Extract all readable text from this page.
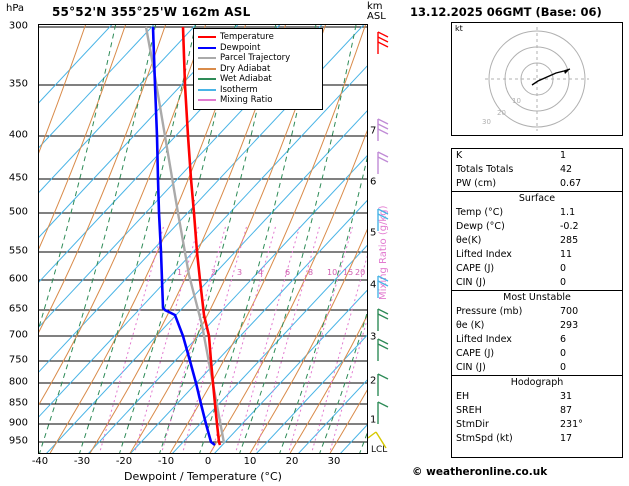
hPa 55°52'N 355°25'W 162m ASL	km
ASL
300
350
400
450
500
550
600
650
700
750
800
850
900
950
-40	-30	-20	-10	0	10	20	30
Dewpoint / Temperature (°C)
7
6
5
4
3
2
1
Mixing Ratio (g/kg)
LCL
1	2	3 4	6 8 10 15 20
Temperature
Dewpoint
Parcel Trajectory
Dry Adiabat
Wet Adiabat
Isotherm
Mixing Ratio
13.12.2025 06GMT (Base: 06)
kt
10
20
30
K	1
Totals Totals	42
PW (cm)	0.67
Surface
Temp (°C)	1.1
Dewp (°C)	-0.2
θe(K)	285
Lifted Index	11
CAPE (J)	0
CIN (J)	0
Most Unstable
Pressure (mb)	700
θe (K)	293
Lifted Index	6
CAPE (J)	0
CIN (J)	0
Hodograph
EH	31
SREH	87
StmDir	231°
StmSpd (kt)	17
© weatheronline.co.uk
